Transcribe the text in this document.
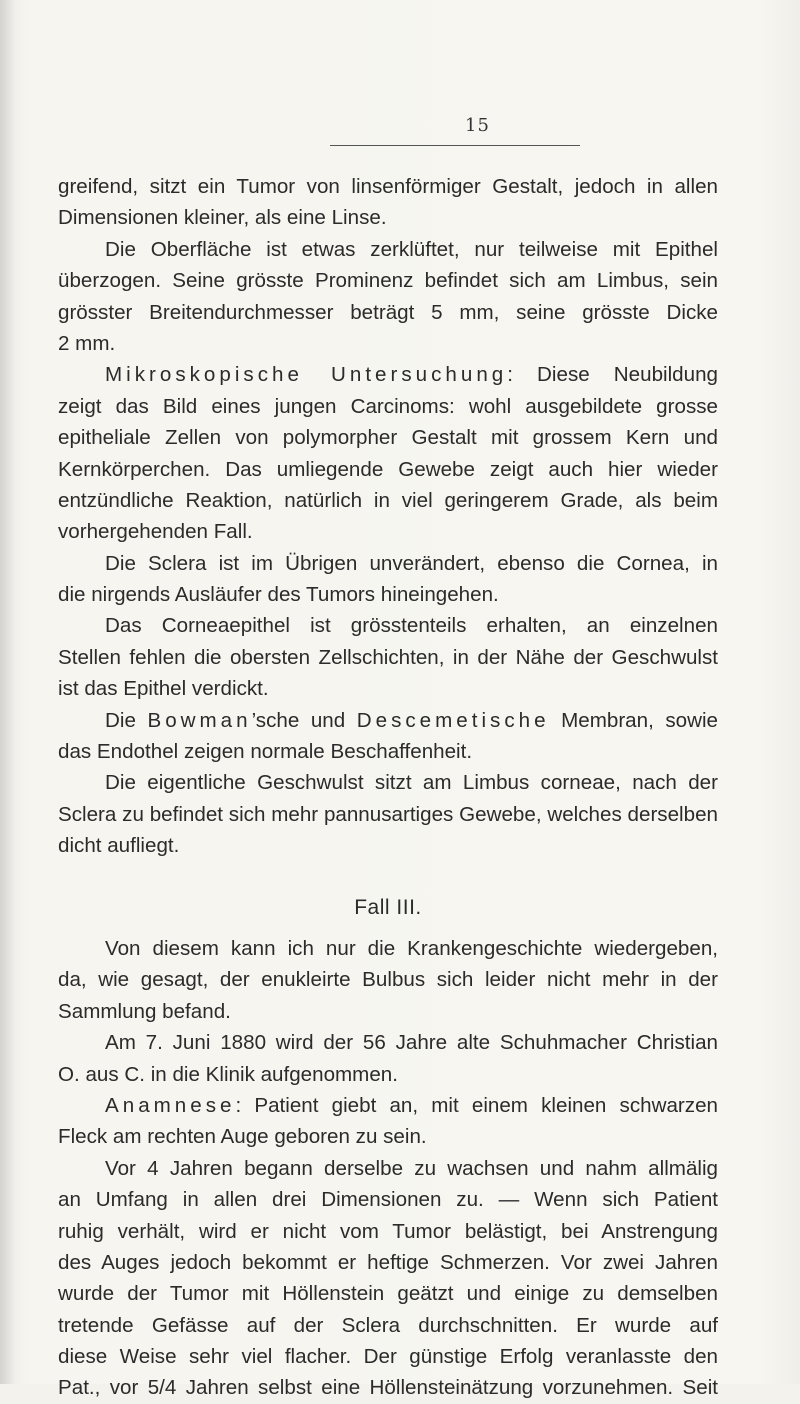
15
greifend, sitzt ein Tumor von linsenförmiger Gestalt, jedoch in allen
Dimensionen kleiner, als eine Linse.
Die Oberfläche ist etwas zerklüftet, nur teilweise mit Epithel
überzogen. Seine grösste Prominenz befindet sich am Limbus, sein
grösster Breitendurchmesser beträgt 5 mm, seine grösste Dicke
2 mm.
Mikroskopische Untersuchung: Diese Neubildung
zeigt das Bild eines jungen Carcinoms: wohl ausgebildete grosse
epitheliale Zellen von polymorpher Gestalt mit grossem Kern und
Kernkörperchen. Das umliegende Gewebe zeigt auch hier wieder
entzündliche Reaktion, natürlich in viel geringerem Grade, als beim
vorhergehenden Fall.
Die Sclera ist im Übrigen unverändert, ebenso die Cornea, in
die nirgends Ausläufer des Tumors hineingehen.
Das Corneaepithel ist grösstenteils erhalten, an einzelnen
Stellen fehlen die obersten Zellschichten, in der Nähe der Geschwulst
ist das Epithel verdickt.
Die Bowman’sche und Descemetische Membran, sowie
das Endothel zeigen normale Beschaffenheit.
Die eigentliche Geschwulst sitzt am Limbus corneae, nach der
Sclera zu befindet sich mehr pannusartiges Gewebe, welches derselben
dicht aufliegt.
Fall III.
Von diesem kann ich nur die Krankengeschichte wiedergeben,
da, wie gesagt, der enukleirte Bulbus sich leider nicht mehr in der
Sammlung befand.
Am 7. Juni 1880 wird der 56 Jahre alte Schuhmacher Christian
O. aus C. in die Klinik aufgenommen.
Anamnese: Patient giebt an, mit einem kleinen schwarzen
Fleck am rechten Auge geboren zu sein.
Vor 4 Jahren begann derselbe zu wachsen und nahm allmälig
an Umfang in allen drei Dimensionen zu. — Wenn sich Patient
ruhig verhält, wird er nicht vom Tumor belästigt, bei Anstrengung
des Auges jedoch bekommt er heftige Schmerzen. Vor zwei Jahren
wurde der Tumor mit Höllenstein geätzt und einige zu demselben
tretende Gefässe auf der Sclera durchschnitten. Er wurde auf
diese Weise sehr viel flacher. Der günstige Erfolg veranlasste den
Pat., vor 5/4 Jahren selbst eine Höllensteinätzung vorzunehmen. Seit
